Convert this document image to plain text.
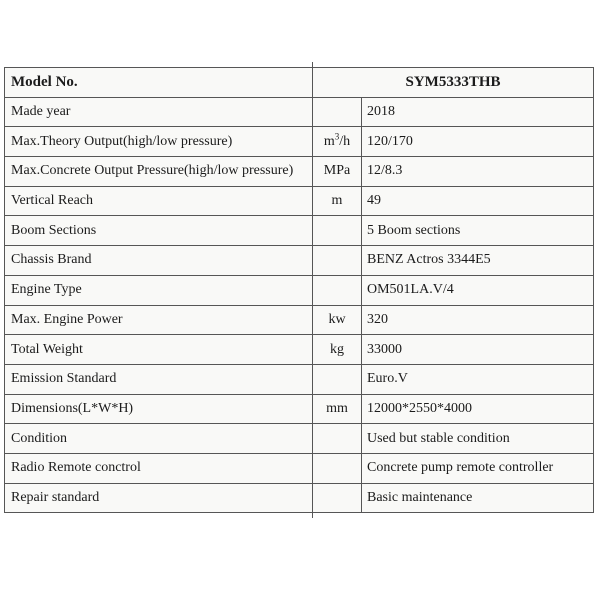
Model No.	SYM5333THB	
Made year		2018
Max.Theory Output(high/low pressure)	$m^3/h$	120/170
Max.Concrete Output Pressure(high/low pressure)	MPa	12/8.3
Vertical Reach	m	49
Boom Sections		5 Boom sections
Chassis Brand		BENZ Actros 3344E5
Engine Type		OM501LA.V/4
Max. Engine Power	kw	320
Total Weight	kg	33000
Emission Standard		Euro.V
Dimensions(L*W*H)	mm	12000*2550*4000
Condition		Used but stable condition
Radio Remote conctrol		Concrete pump remote controller
Repair standard		Basic maintenance
